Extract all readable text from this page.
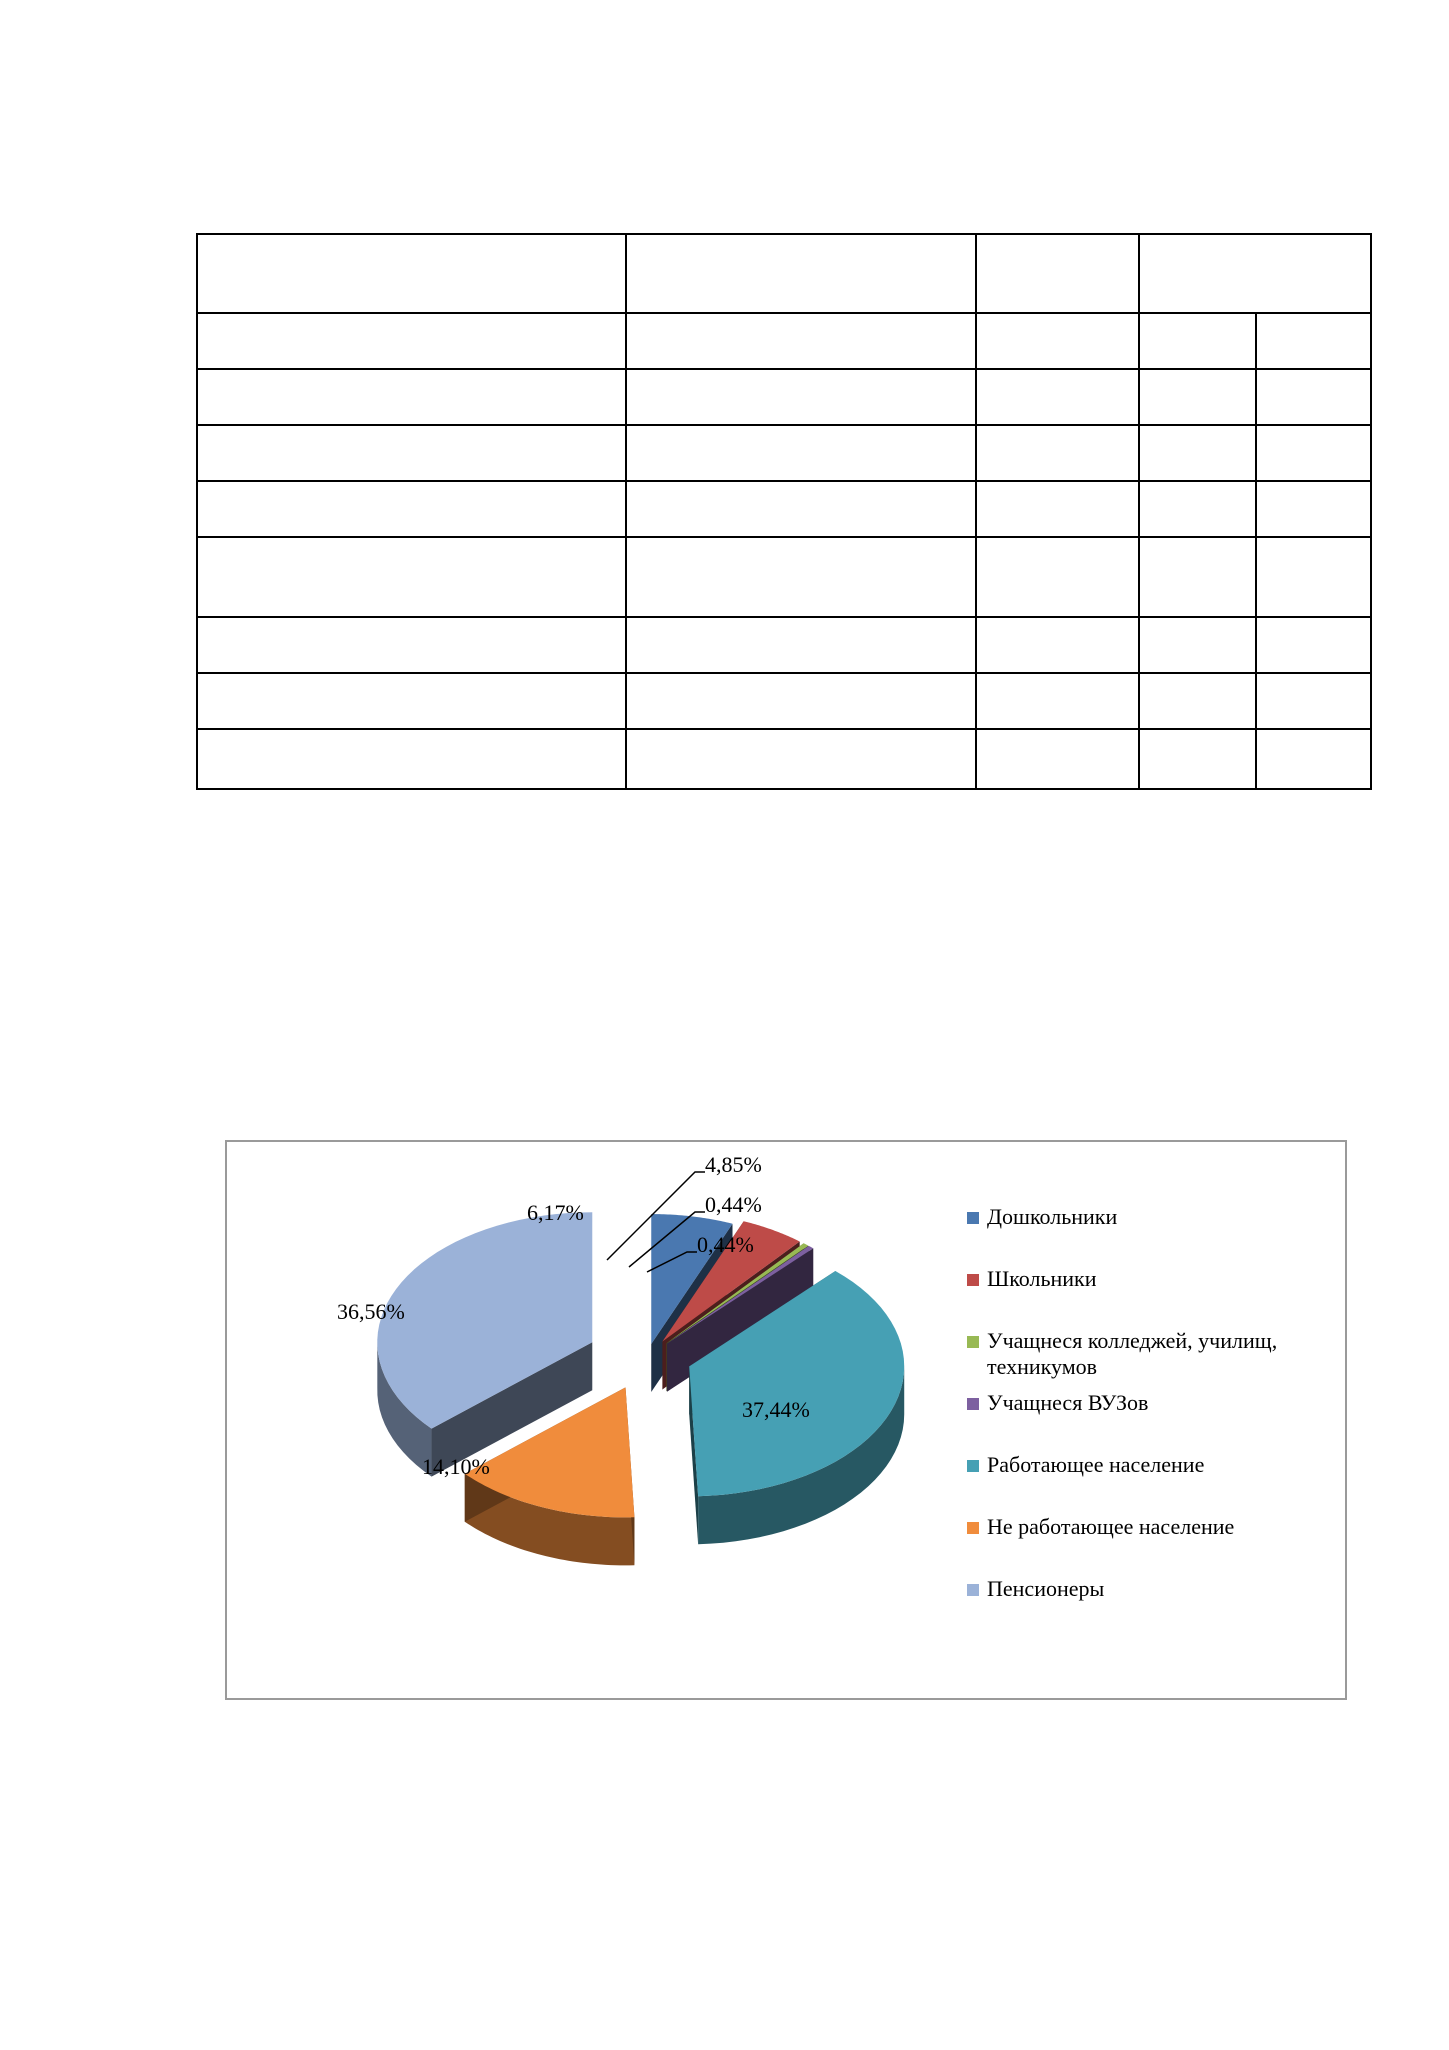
6,17%
4,85%
0,44%
0,44%
37,44%
14,10%
36,56%
Дошкольники
Школьники
Учащнеся колледжей, училищ, техникумов
Учащнеся ВУЗов
Работающее население
Не работающее население
Пенсионеры
